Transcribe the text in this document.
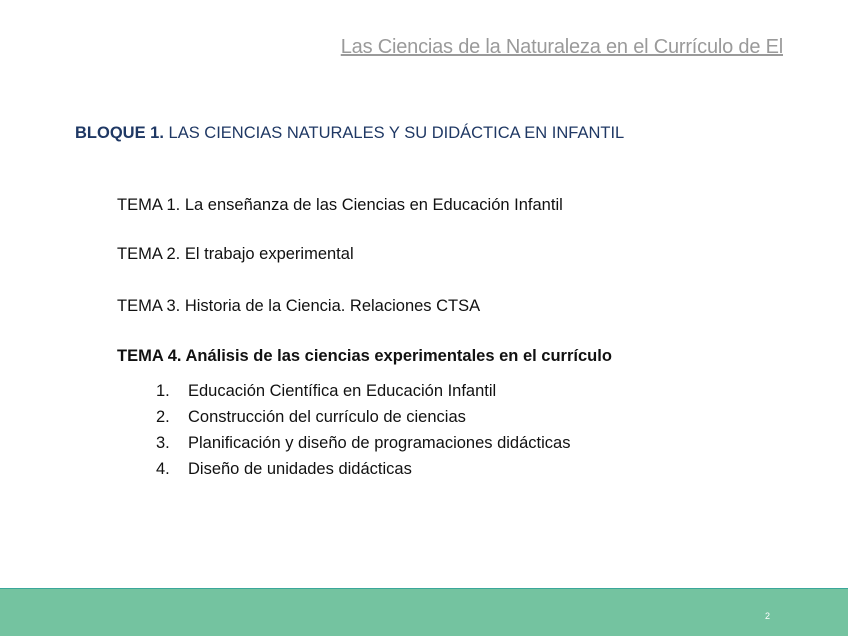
Las Ciencias de la Naturaleza en el Currículo de El
BLOQUE 1. LAS CIENCIAS NATURALES Y SU DIDÁCTICA EN INFANTIL
TEMA 1. La enseñanza de las Ciencias en Educación Infantil
TEMA 2. El trabajo experimental
TEMA 3. Historia de la Ciencia. Relaciones CTSA
TEMA 4. Análisis de las ciencias experimentales en el currículo
1.	Educación Científica en Educación Infantil
2.	Construcción del currículo de ciencias
3.	Planificación y diseño de programaciones didácticas
4.	Diseño de unidades didácticas
2
